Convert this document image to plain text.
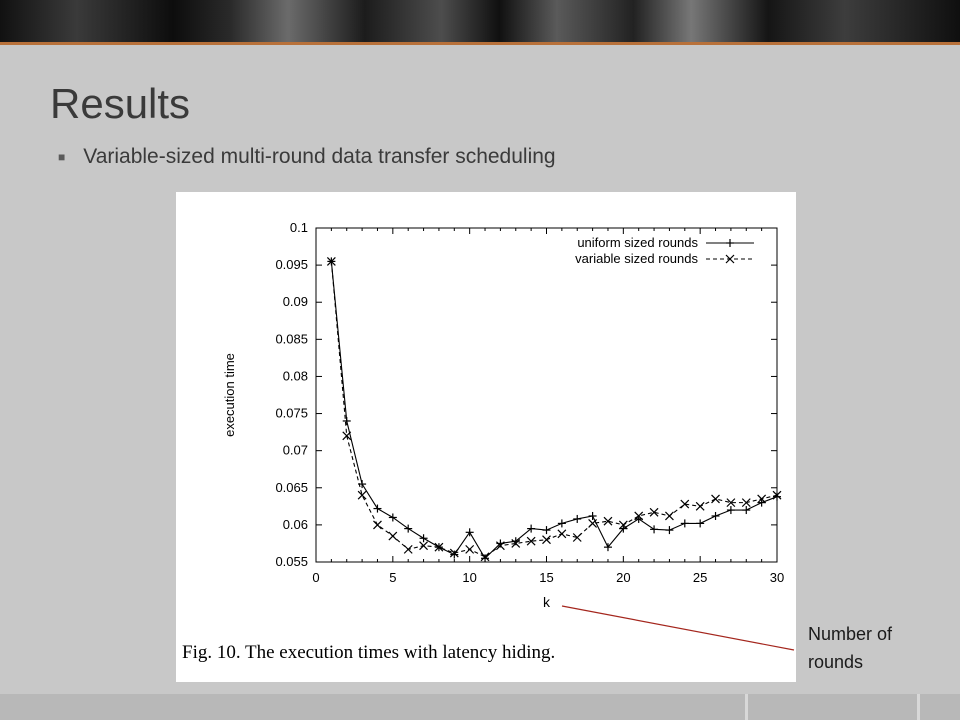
Results
■ Variable-sized multi-round data transfer scheduling
0	5	10	15	20	25	30
0.055
0.06
0.065
0.07
0.075
0.08
0.085
0.09
0.095
0.1
k
execution time
uniform sized rounds
variable sized rounds
Fig. 10. The execution times with latency hiding.
Number of
rounds
